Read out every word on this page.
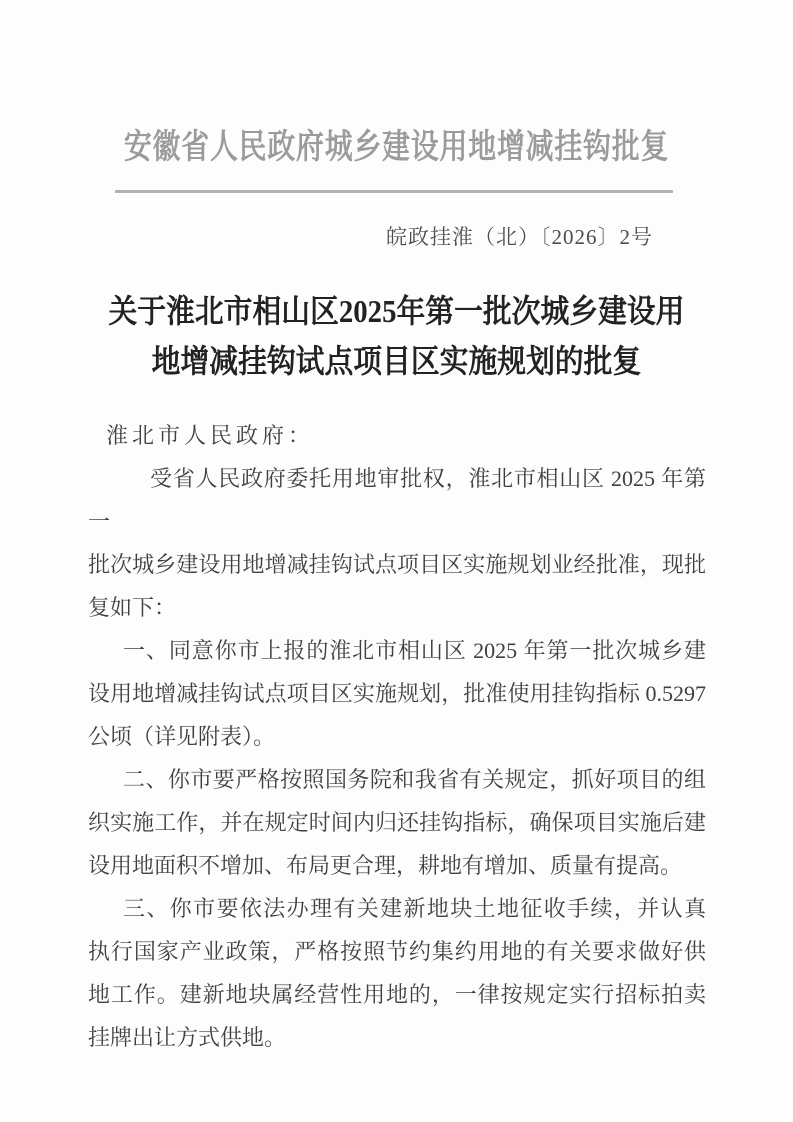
安徽省人民政府城乡建设用地增减挂钩批复
皖政挂淮（北）〔2026〕2号
关于淮北市相山区2025年第一批次城乡建设用
地增减挂钩试点项目区实施规划的批复
淮北市人民政府：
受省人民政府委托用地审批权，淮北市相山区 2025 年第一
批次城乡建设用地增减挂钩试点项目区实施规划业经批准，现批
复如下：
一、同意你市上报的淮北市相山区 2025 年第一批次城乡建
设用地增减挂钩试点项目区实施规划，批准使用挂钩指标 0.5297
公顷（详见附表）。
二、你市要严格按照国务院和我省有关规定，抓好项目的组
织实施工作，并在规定时间内归还挂钩指标，确保项目实施后建
设用地面积不增加、布局更合理，耕地有增加、质量有提高。
三、你市要依法办理有关建新地块土地征收手续，并认真
执行国家产业政策，严格按照节约集约用地的有关要求做好供
地工作。建新地块属经营性用地的，一律按规定实行招标拍卖
挂牌出让方式供地。
